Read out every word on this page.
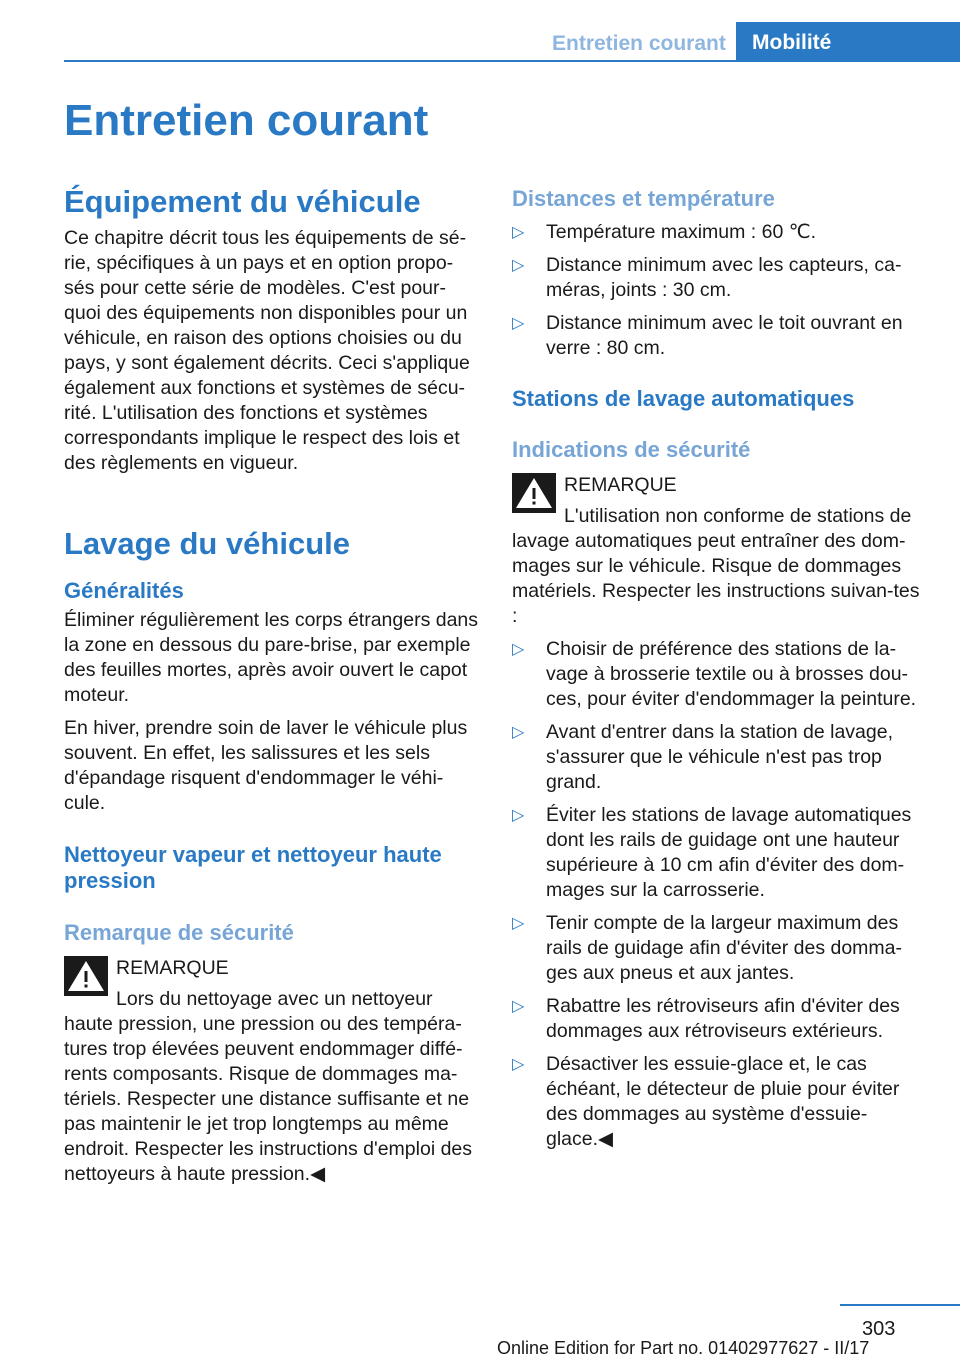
Entretien courant	Mobilité
Entretien courant
Équipement du véhicule

Ce chapitre décrit tous les équipements de sé‐rie, spécifiques à un pays et en option propo‐sés pour cette série de modèles. C'est pour‐quoi des équipements non disponibles pour un véhicule, en raison des options choisies ou du pays, y sont également décrits. Ceci s'applique également aux fonctions et systèmes de sécu‐rité. L'utilisation des fonctions et systèmes correspondants implique le respect des lois et des règlements en vigueur.

Lavage du véhicule
Généralités

Éliminer régulièrement les corps étrangers dans la zone en dessous du pare-brise, par exemple des feuilles mortes, après avoir ouvert le capot moteur.

En hiver, prendre soin de laver le véhicule plus souvent. En effet, les salissures et les sels d'épandage risquent d'endommager le véhi‐cule.

Nettoyeur vapeur et nettoyeur haute pression
Remarque de sécurité
REMARQUE

Lors du nettoyage avec un nettoyeur haute pression, une pression ou des tempéra‐tures trop élevées peuvent endommager diffé‐rents composants. Risque de dommages ma‐tériels. Respecter une distance suffisante et ne pas maintenir le jet trop longtemps au même endroit. Respecter les instructions d'emploi des nettoyeurs à haute pression.◀

Distances et température
▷ Température maximum : 60 ℃.
▷ Distance minimum avec les capteurs, ca‐méras, joints : 30 cm.
▷ Distance minimum avec le toit ouvrant en verre : 80 cm.
Stations de lavage automatiques
Indications de sécurité
REMARQUE

L'utilisation non conforme de stations de

lavage automatiques peut entraîner des dom‐mages sur le véhicule. Risque de dommages matériels. Respecter les instructions suivan‐tes :

▷ Choisir de préférence des stations de la‐vage à brosserie textile ou à brosses dou‐ces, pour éviter d'endommager la peinture.
▷ Avant d'entrer dans la station de lavage, s'assurer que le véhicule n'est pas trop grand.
▷ Éviter les stations de lavage automatiques dont les rails de guidage ont une hauteur supérieure à 10 cm afin d'éviter des dom‐mages sur la carrosserie.
▷ Tenir compte de la largeur maximum des rails de guidage afin d'éviter des domma‐ges aux pneus et aux jantes.
▷ Rabattre les rétroviseurs afin d'éviter des dommages aux rétroviseurs extérieurs.
▷ Désactiver les essuie-glace et, le cas échéant, le détecteur de pluie pour éviter des dommages au système d'essuie-glace.◀
303
Online Edition for Part no. 01402977627 - II/17
